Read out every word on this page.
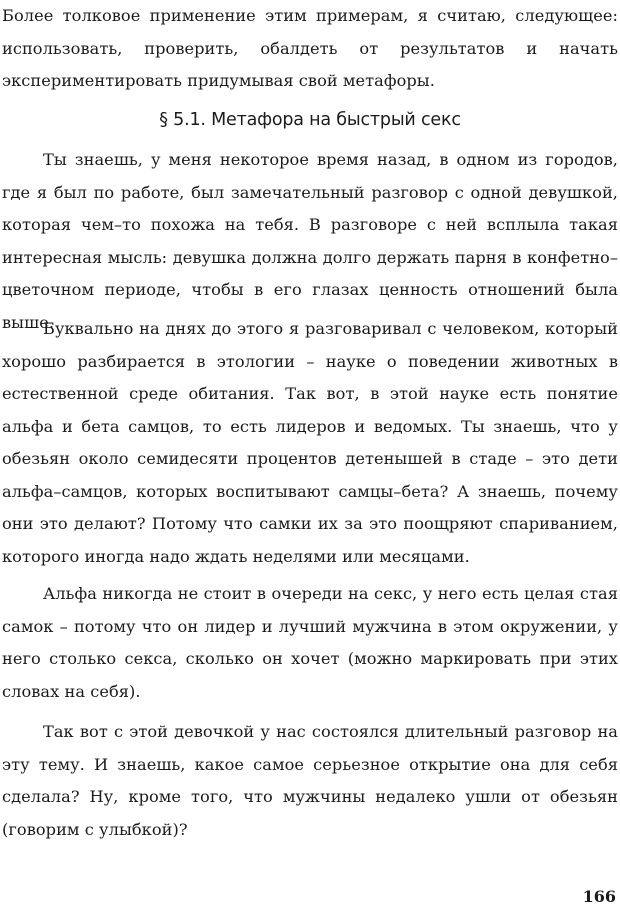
Более толковое применение этим примерам, я считаю, следующее: использовать, проверить, обалдеть от результатов и начать экспериментировать придумывая свой метафоры.

§ 5.1. Метафора на быстрый секс

Ты знаешь, у меня некоторое время назад, в одном из городов, где я был по работе, был замечательный разговор с одной девушкой, которая чем–то похожа на тебя. В разговоре с ней всплыла такая интересная мысль: девушка должна долго держать парня в конфетно–цветочном периоде, чтобы в его глазах ценность отношений была выше.

Буквально на днях до этого я разговаривал с человеком, который хорошо разбирается в этологии – науке о поведении животных в естественной среде обитания. Так вот, в этой науке есть понятие альфа и бета самцов, то есть лидеров и ведомых. Ты знаешь, что у обезьян около семидесяти процентов детенышей в стаде – это дети альфа–самцов, которых воспитывают самцы–бета? А знаешь, почему они это делают? Потому что самки их за это поощряют спариванием, которого иногда надо ждать неделями или месяцами.

Альфа никогда не стоит в очереди на секс, у него есть целая стая самок – потому что он лидер и лучший мужчина в этом окружении, у него столько секса, сколько он хочет (можно маркировать при этих словах на себя).

Так вот с этой девочкой у нас состоялся длительный разговор на эту тему. И знаешь, какое самое серьезное открытие она для себя сделала? Ну, кроме того, что мужчины недалеко ушли от обезьян (говорим с улыбкой)?

166
